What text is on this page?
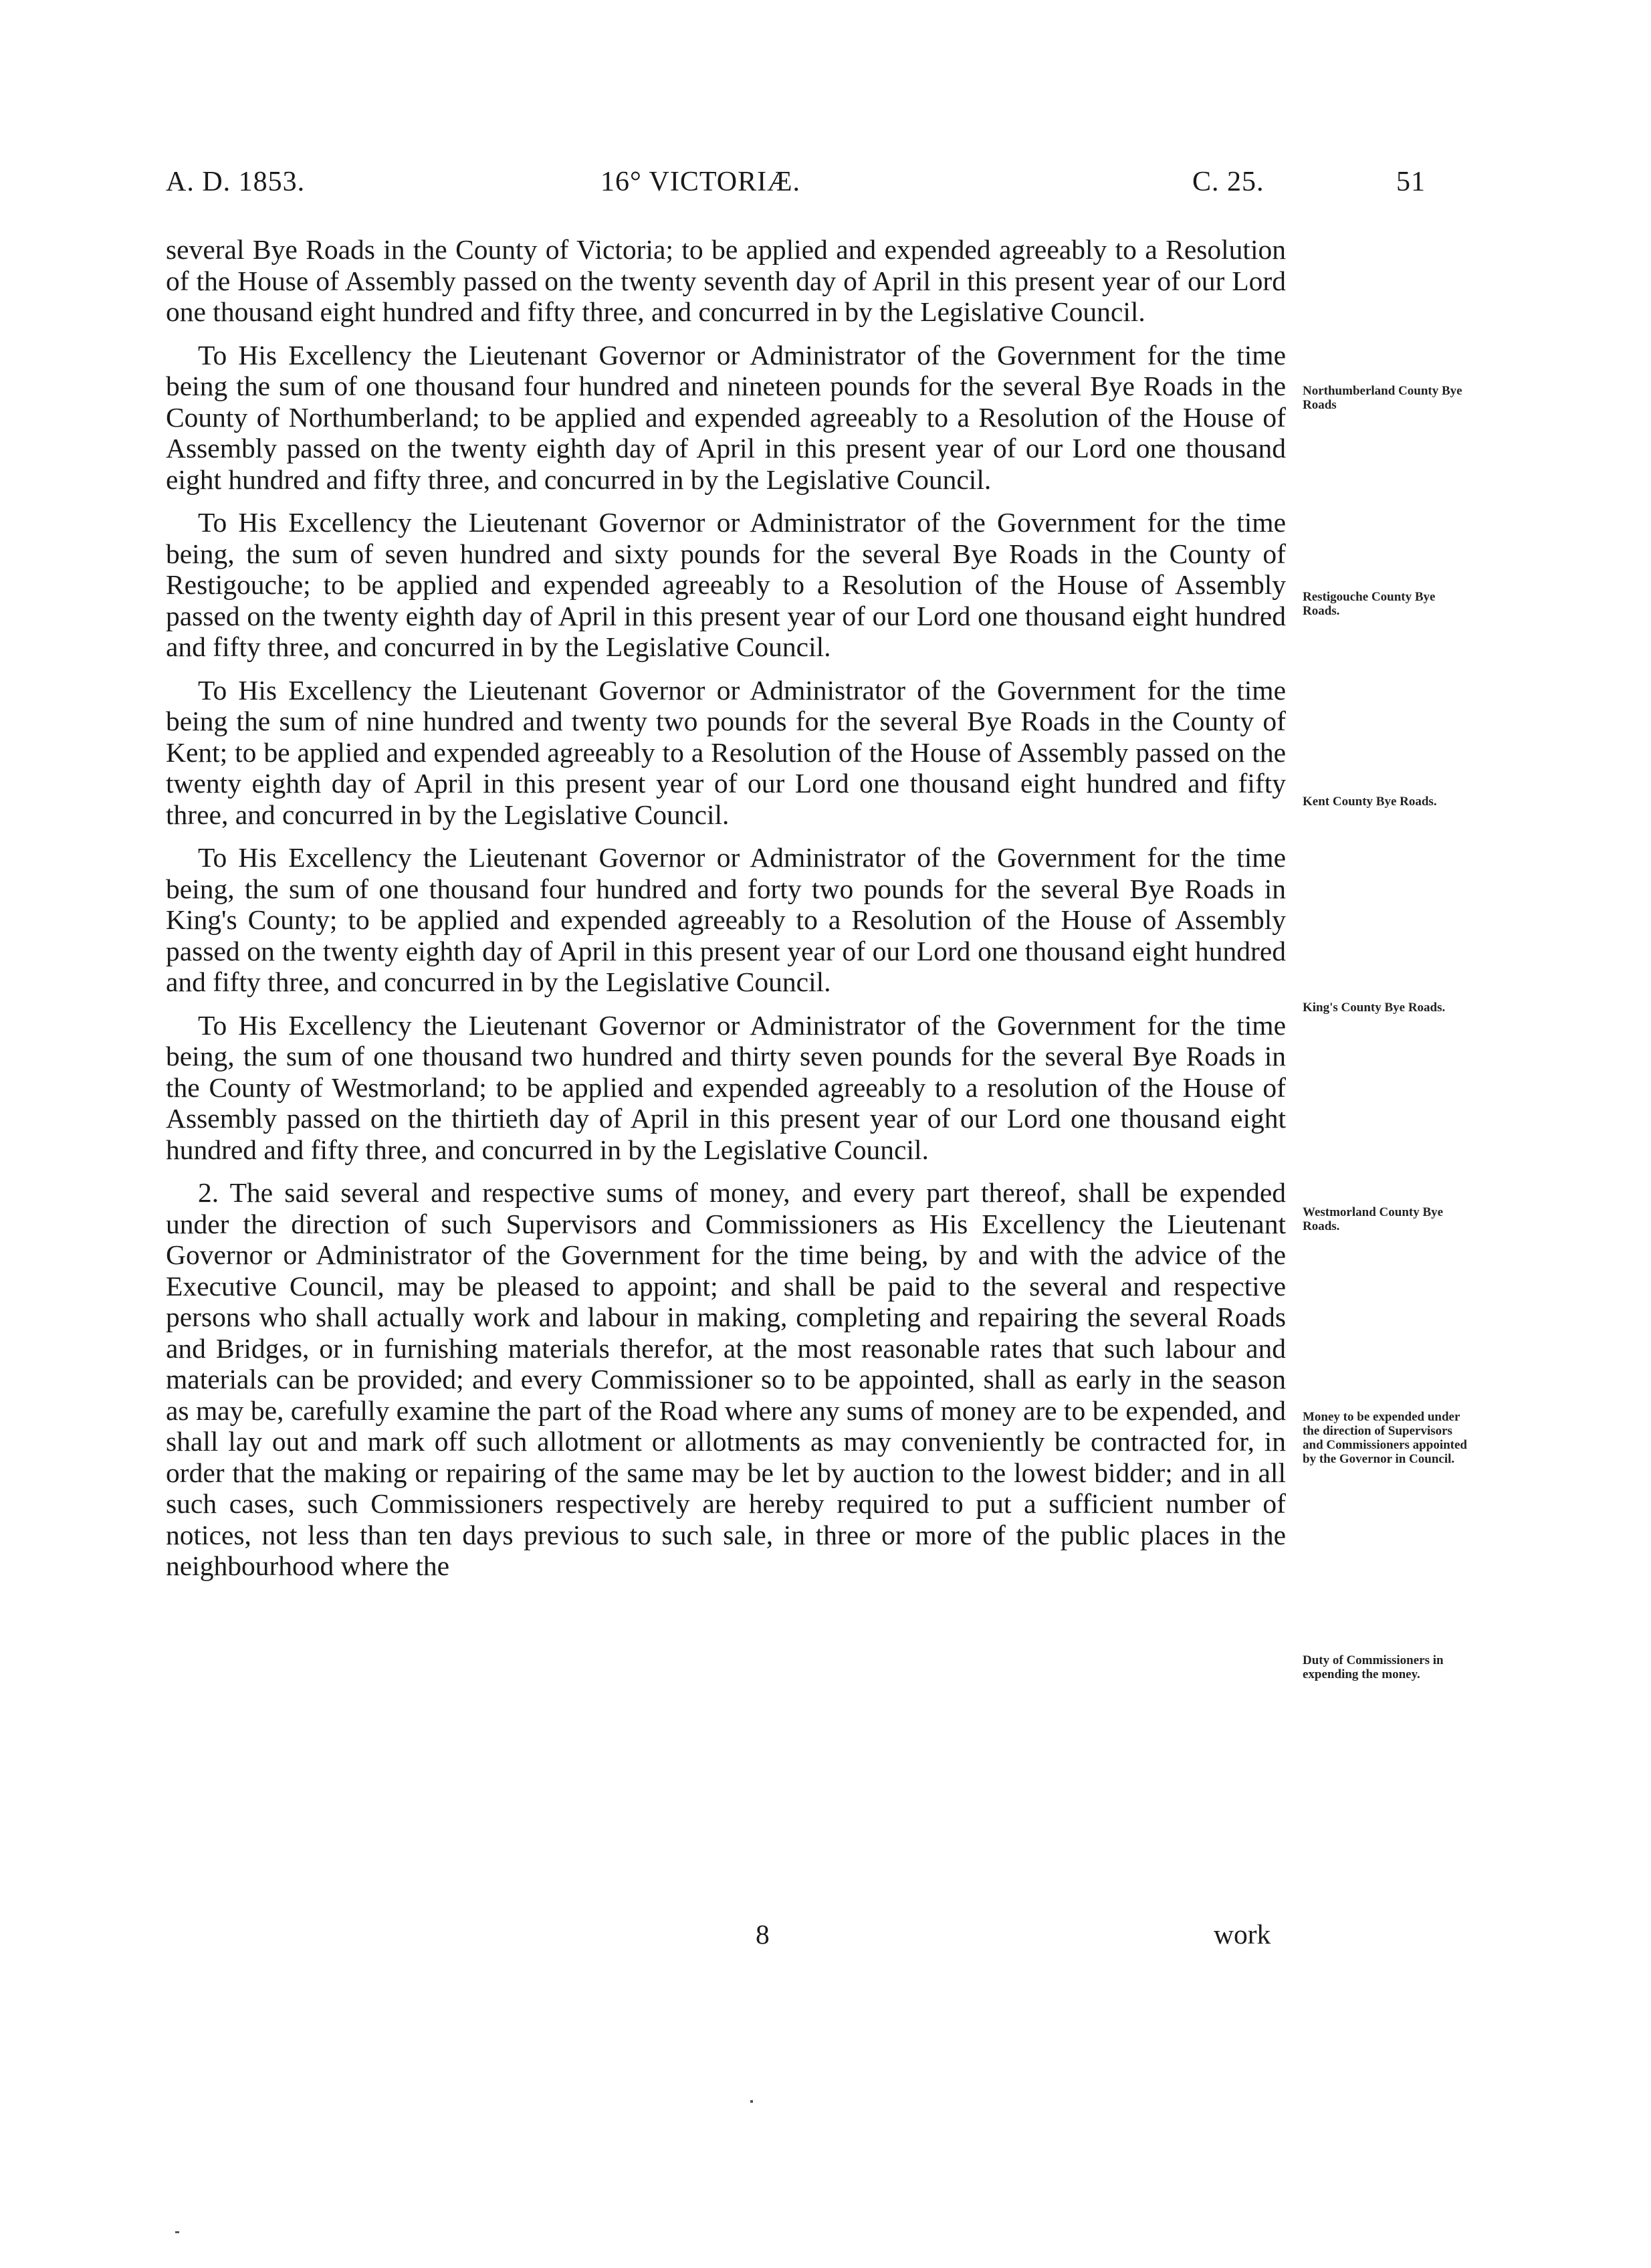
A. D. 1853.	16° VICTORIÆ.	C. 25.	51

several Bye Roads in the County of Victoria; to be applied and expended agreeably to a Resolution of the House of Assembly passed on the twenty seventh day of April in this present year of our Lord one thousand eight hundred and fifty three, and concurred in by the Legislative Council.

To His Excellency the Lieutenant Governor or Administrator of the Government for the time being the sum of one thousand four hundred and nineteen pounds for the several Bye Roads in the County of Northumberland; to be applied and expended agreeably to a Resolution of the House of Assembly passed on the twenty eighth day of April in this present year of our Lord one thousand eight hundred and fifty three, and concurred in by the Legislative Council.

To His Excellency the Lieutenant Governor or Administrator of the Government for the time being, the sum of seven hundred and sixty pounds for the several Bye Roads in the County of Restigouche; to be applied and expended agreeably to a Resolution of the House of Assembly passed on the twenty eighth day of April in this present year of our Lord one thousand eight hundred and fifty three, and concurred in by the Legislative Council.

To His Excellency the Lieutenant Governor or Administrator of the Government for the time being the sum of nine hundred and twenty two pounds for the several Bye Roads in the County of Kent; to be applied and expended agreeably to a Resolution of the House of Assembly passed on the twenty eighth day of April in this present year of our Lord one thousand eight hundred and fifty three, and concurred in by the Legislative Council.

To His Excellency the Lieutenant Governor or Administrator of the Government for the time being, the sum of one thousand four hundred and forty two pounds for the several Bye Roads in King's County; to be applied and expended agreeably to a Resolution of the House of Assembly passed on the twenty eighth day of April in this present year of our Lord one thousand eight hundred and fifty three, and concurred in by the Legislative Council.

To His Excellency the Lieutenant Governor or Administrator of the Government for the time being, the sum of one thousand two hundred and thirty seven pounds for the several Bye Roads in the County of Westmorland; to be applied and expended agreeably to a resolution of the House of Assembly passed on the thirtieth day of April in this present year of our Lord one thousand eight hundred and fifty three, and concurred in by the Legislative Council.

2. The said several and respective sums of money, and every part thereof, shall be expended under the direction of such Supervisors and Commissioners as His Excellency the Lieutenant Governor or Administrator of the Government for the time being, by and with the advice of the Executive Council, may be pleased to appoint; and shall be paid to the several and respective persons who shall actually work and labour in making, completing and repairing the several Roads and Bridges, or in furnishing materials therefor, at the most reasonable rates that such labour and materials can be provided; and every Commissioner so to be appointed, shall as early in the season as may be, carefully examine the part of the Road where any sums of money are to be expended, and shall lay out and mark off such allotment or allotments as may conveniently be contracted for, in order that the making or repairing of the same may be let by auction to the lowest bidder; and in all such cases, such Commissioners respectively are hereby required to put a sufficient number of notices, not less than ten days previous to such sale, in three or more of the public places in the neighbourhood where the

Northumberland County Bye Roads
Restigouche County Bye Roads.
Kent County Bye Roads.
King's County Bye Roads.
Westmorland County Bye Roads.
Money to be expended under the direction of Supervisors and Commissioners appointed by the Governor in Council.
Duty of Commissioners in expending the money.
8	work
